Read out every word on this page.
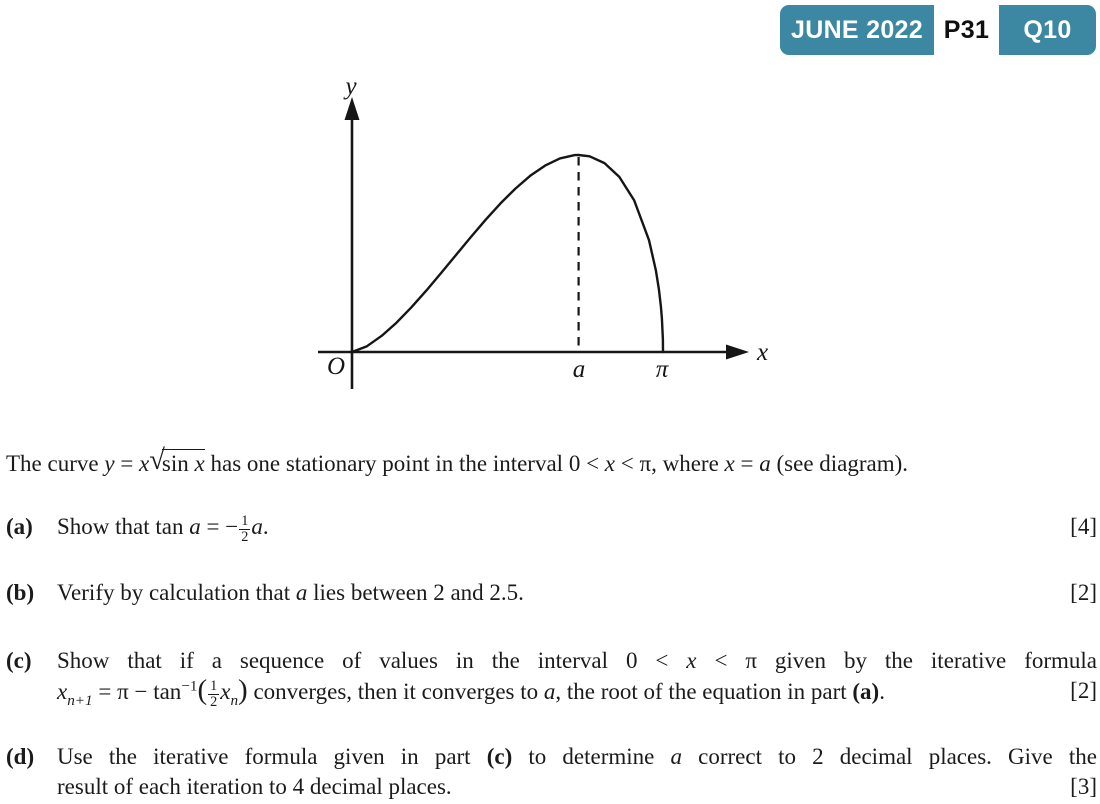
JUNE 2022 P31	Q10
y
x
O	a	π
The curve y = x√sin x has one stationary point in the interval 0 < x < π, where x = a (see diagram).
(a) Show that tan a = − $\frac{1}{2} a$.	[4]
(b) Verify by calculation that a lies between 2 and 2.5.	[2]
(c) Show that if a sequence of values in the interval 0 < x < π given by the iterative formula
$x_{n+1} = \pi - \tan^{-1}( \frac{1}{2} x_n)$ converges, then it converges to a, the root of the equation in part (a).	[2]
(d) Use the iterative formula given in part (c) to determine a correct to 2 decimal places. Give the
result of each iteration to 4 decimal places.	[3]
